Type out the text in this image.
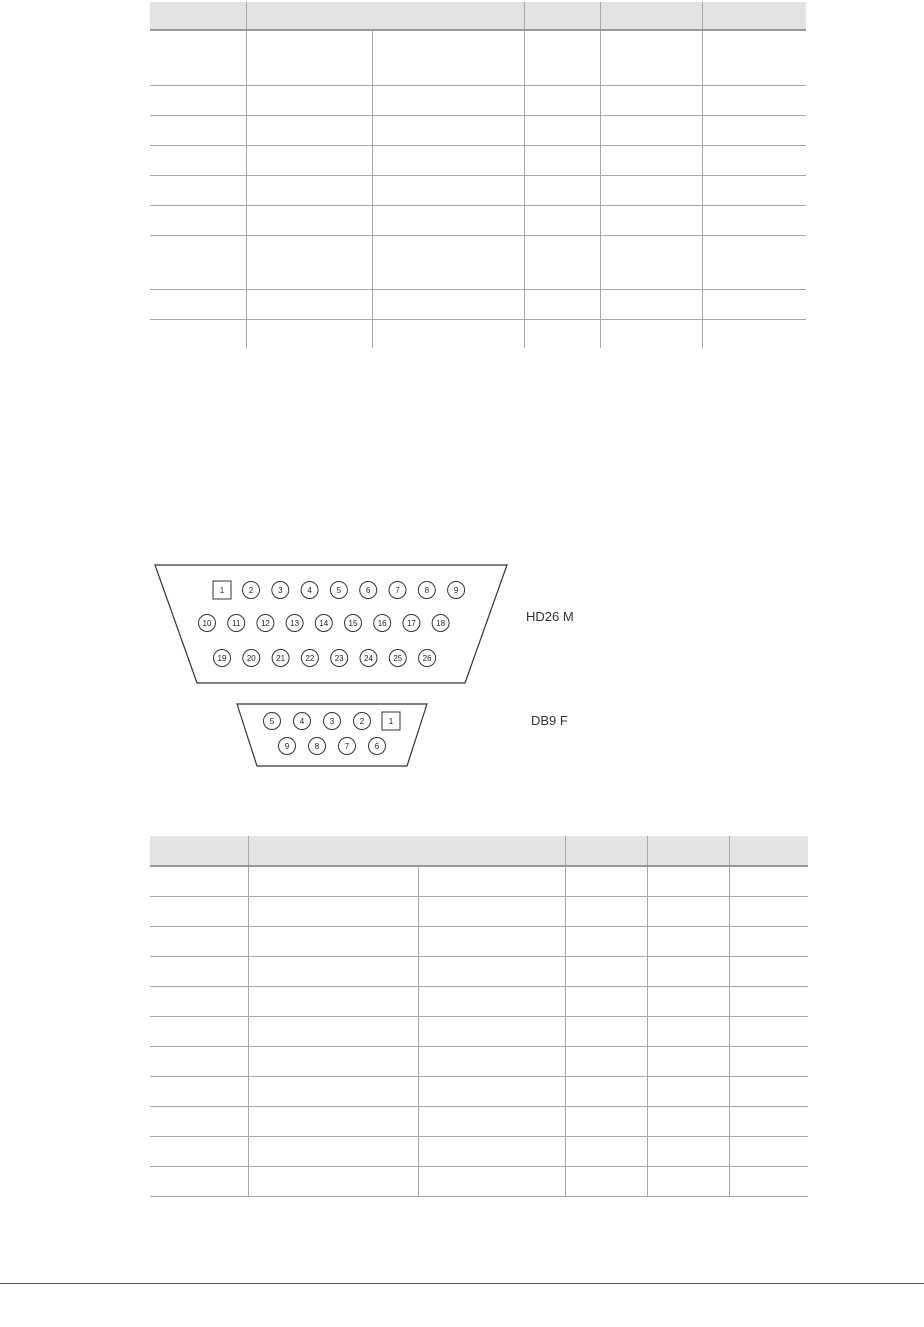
1	2	3	4	5	6	7	8	9
10	11	12	13	14	15	16	17	18
19	20	21	22	23	24	25	26
5	4	3	2	1
9	8	7	6
HD26 M
DB9 F
